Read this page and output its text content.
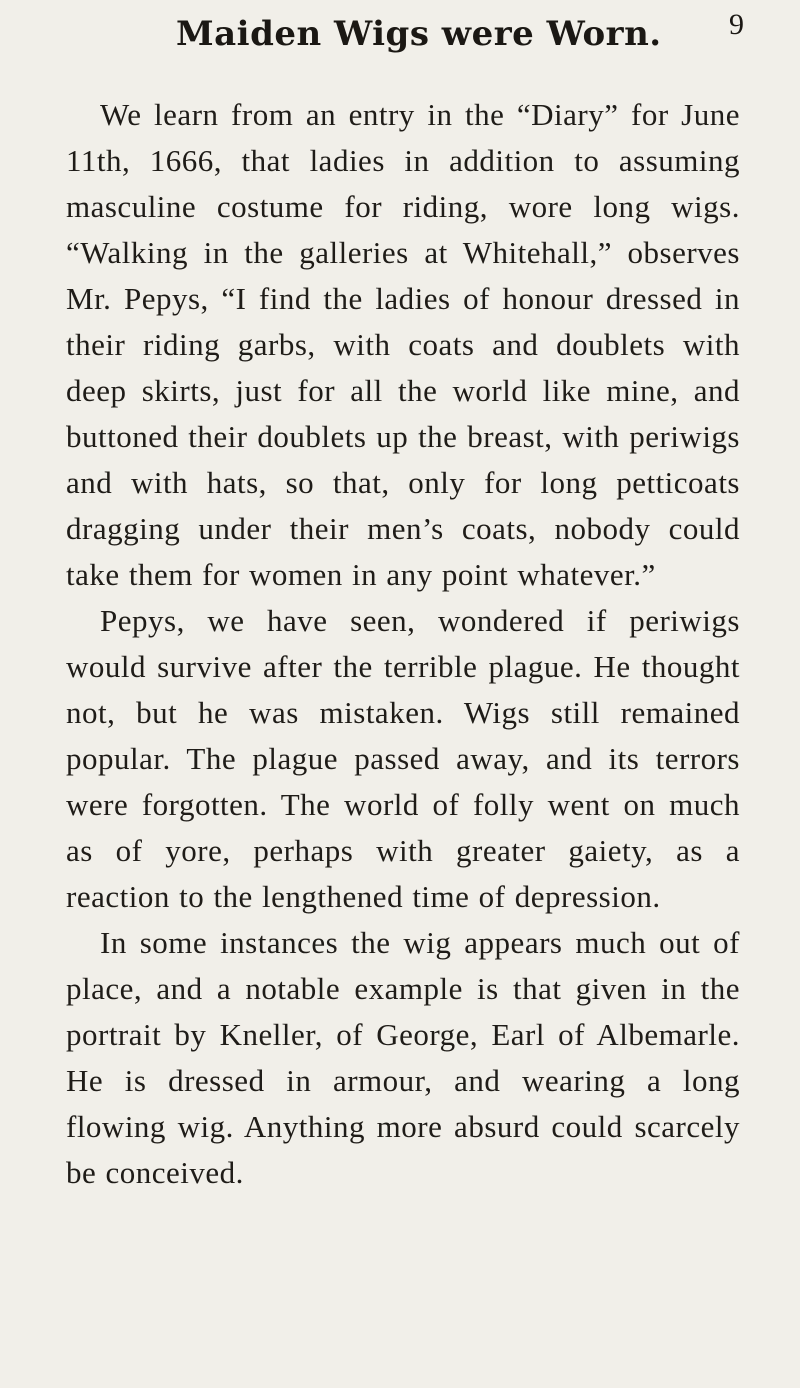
Maiden Wigs were Worn. 9

We learn from an entry in the “Diary” for June 11th, 1666, that ladies in addition to assuming masculine costume for riding, wore long wigs. “Walking in the galleries at Whitehall,” observes Mr. Pepys, “I find the ladies of honour dressed in their riding garbs, with coats and doublets with deep skirts, just for all the world like mine, and buttoned their doublets up the breast, with periwigs and with hats, so that, only for long petticoats dragging under their men’s coats, nobody could take them for women in any point whatever.”

Pepys, we have seen, wondered if periwigs would survive after the terrible plague. He thought not, but he was mistaken. Wigs still remained popular. The plague passed away, and its terrors were forgotten. The world of folly went on much as of yore, perhaps with greater gaiety, as a reaction to the lengthened time of depression.

In some instances the wig appears much out of place, and a notable example is that given in the portrait by Kneller, of George, Earl of Albemarle. He is dressed in armour, and wearing a long flowing wig. Anything more absurd could scarcely be conceived.
